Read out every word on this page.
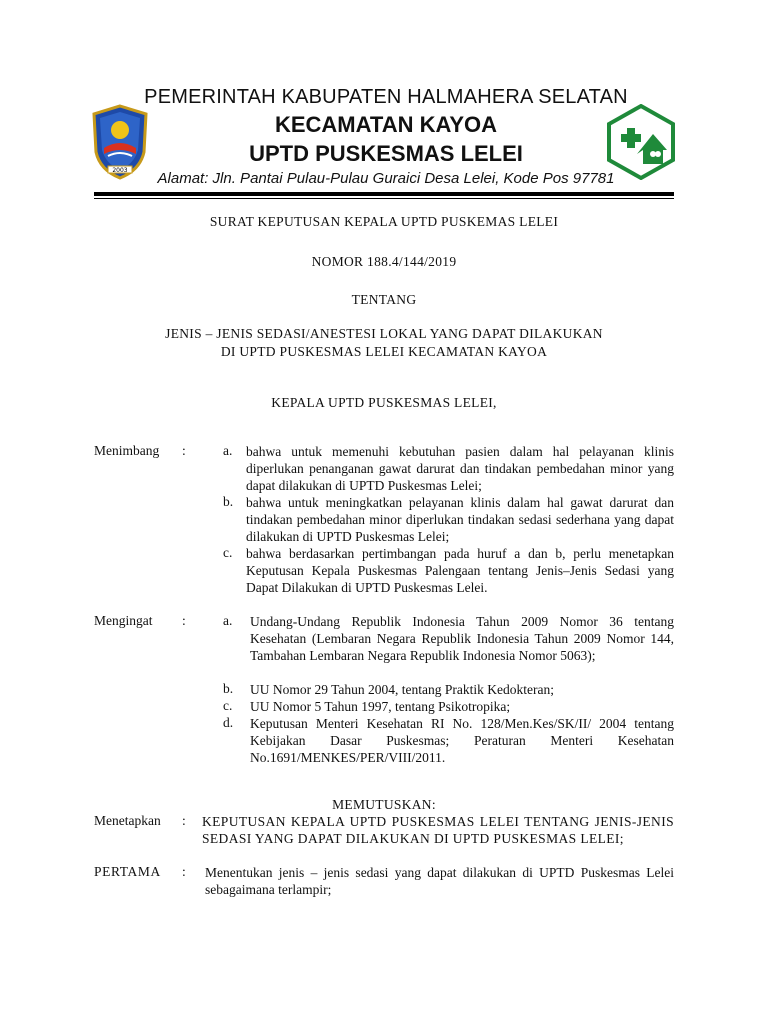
2003
PEMERINTAH KABUPATEN HALMAHERA SELATAN
KECAMATAN KAYOA
UPTD PUSKESMAS LELEI
Alamat: Jln. Pantai Pulau-Pulau Guraici Desa Lelei, Kode Pos 97781
SURAT KEPUTUSAN KEPALA UPTD PUSKEMAS LELEI
NOMOR 188.4/144/2019
TENTANG
JENIS – JENIS SEDASI/ANESTESI LOKAL YANG DAPAT DILAKUKAN
DI UPTD PUSKESMAS LELEI KECAMATAN KAYOA
KEPALA UPTD PUSKESMAS LELEI,
Menimbang :	a. bahwa untuk memenuhi kebutuhan pasien dalam hal pelayanan klinis diperlukan penanganan gawat darurat dan tindakan pembedahan minor yang dapat dilakukan di UPTD Puskesmas Lelei;
b. bahwa untuk meningkatkan pelayanan klinis dalam hal gawat darurat dan tindakan pembedahan minor diperlukan tindakan sedasi sederhana yang dapat dilakukan di UPTD Puskesmas Lelei;
c. bahwa berdasarkan pertimbangan pada huruf a dan b, perlu menetapkan Keputusan Kepala Puskesmas Palengaan tentang Jenis–Jenis Sedasi yang Dapat Dilakukan di UPTD Puskesmas Lelei.
Mengingat :	a. Undang-Undang Republik Indonesia Tahun 2009 Nomor 36 tentang Kesehatan (Lembaran Negara Republik Indonesia Tahun 2009 Nomor 144, Tambahan Lembaran Negara Republik Indonesia Nomor 5063);
b. UU Nomor 29 Tahun 2004, tentang Praktik Kedokteran;
c. UU Nomor 5 Tahun 1997, tentang Psikotropika;
d. Keputusan Menteri Kesehatan RI No. 128/Men.Kes/SK/II/ 2004 tentang Kebijakan Dasar Puskesmas; Peraturan Menteri Kesehatan No.1691/MENKES/PER/VIII/2011.
MEMUTUSKAN:
Menetapkan : KEPUTUSAN KEPALA UPTD PUSKESMAS LELEI TENTANG JENIS-JENIS SEDASI YANG DAPAT DILAKUKAN DI UPTD PUSKESMAS LELEI;
PERTAMA : Menentukan jenis – jenis sedasi yang dapat dilakukan di UPTD Puskesmas Lelei sebagaimana terlampir;
